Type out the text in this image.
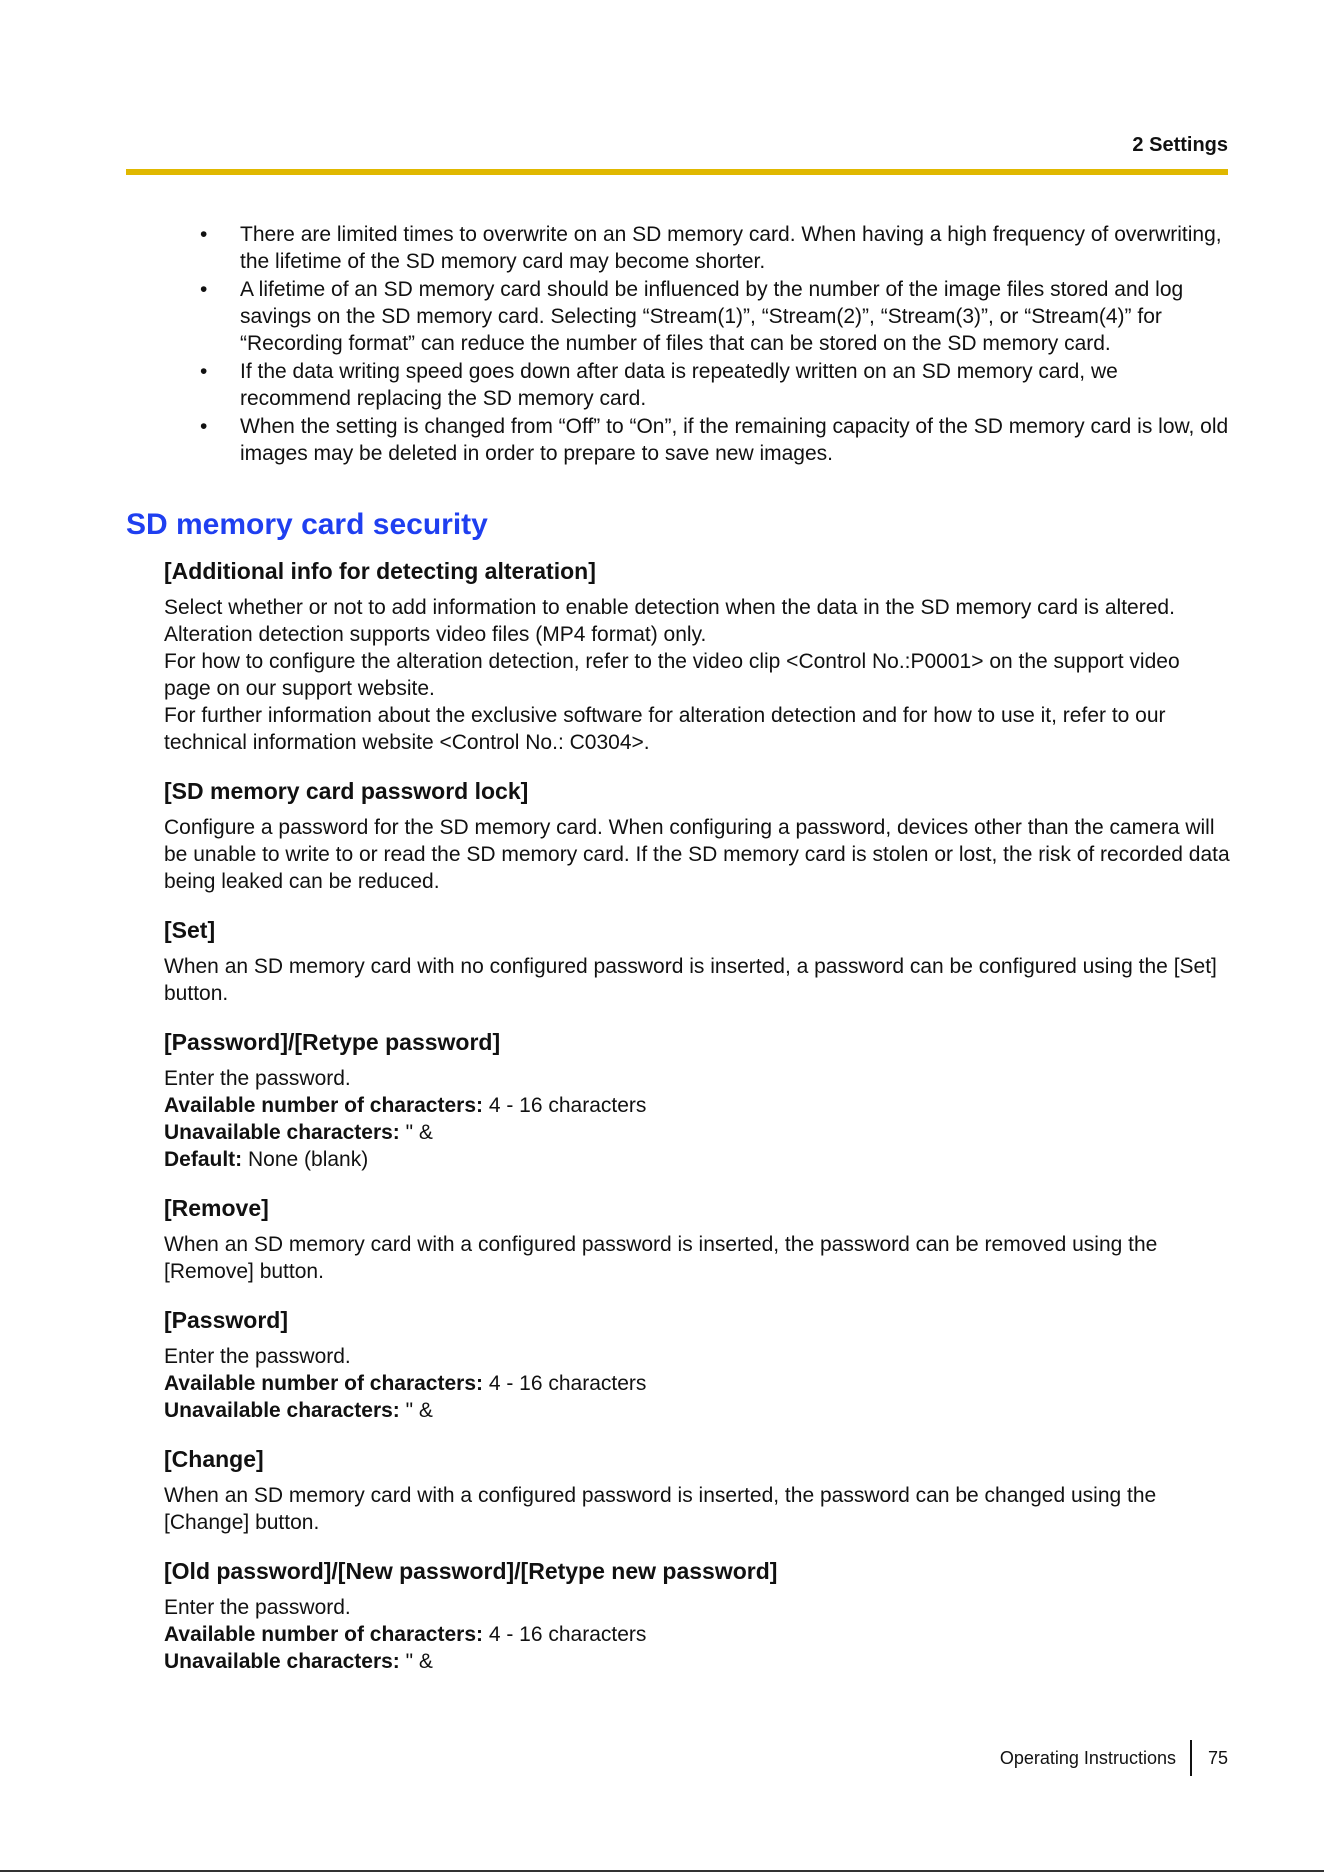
2 Settings
• There are limited times to overwrite on an SD memory card. When having a high frequency of overwriting, the lifetime of the SD memory card may become shorter.
• A lifetime of an SD memory card should be influenced by the number of the image files stored and log savings on the SD memory card. Selecting “Stream(1)”, “Stream(2)”, “Stream(3)”, or “Stream(4)” for “Recording format” can reduce the number of files that can be stored on the SD memory card.
• If the data writing speed goes down after data is repeatedly written on an SD memory card, we recommend replacing the SD memory card.
• When the setting is changed from “Off” to “On”, if the remaining capacity of the SD memory card is low, old images may be deleted in order to prepare to save new images.
SD memory card security
[Additional info for detecting alteration]

Select whether or not to add information to enable detection when the data in the SD memory card is altered. Alteration detection supports video files (MP4 format) only.

For how to configure the alteration detection, refer to the video clip <Control No.:P0001> on the support video page on our support website.

For further information about the exclusive software for alteration detection and for how to use it, refer to our technical information website <Control No.: C0304>.

[SD memory card password lock]

Configure a password for the SD memory card. When configuring a password, devices other than the camera will be unable to write to or read the SD memory card. If the SD memory card is stolen or lost, the risk of recorded data being leaked can be reduced.

[Set]

When an SD memory card with no configured password is inserted, a password can be configured using the [Set] button.

[Password]/[Retype password]
Enter the password.
Available number of characters: 4 - 16 characters
Unavailable characters: " &
Default: None (blank)
[Remove]

When an SD memory card with a configured password is inserted, the password can be removed using the [Remove] button.

[Password]
Enter the password.
Available number of characters: 4 - 16 characters
Unavailable characters: " &
[Change]

When an SD memory card with a configured password is inserted, the password can be changed using the [Change] button.

[Old password]/[New password]/[Retype new password]
Enter the password.
Available number of characters: 4 - 16 characters
Unavailable characters: " &
Operating Instructions 75
